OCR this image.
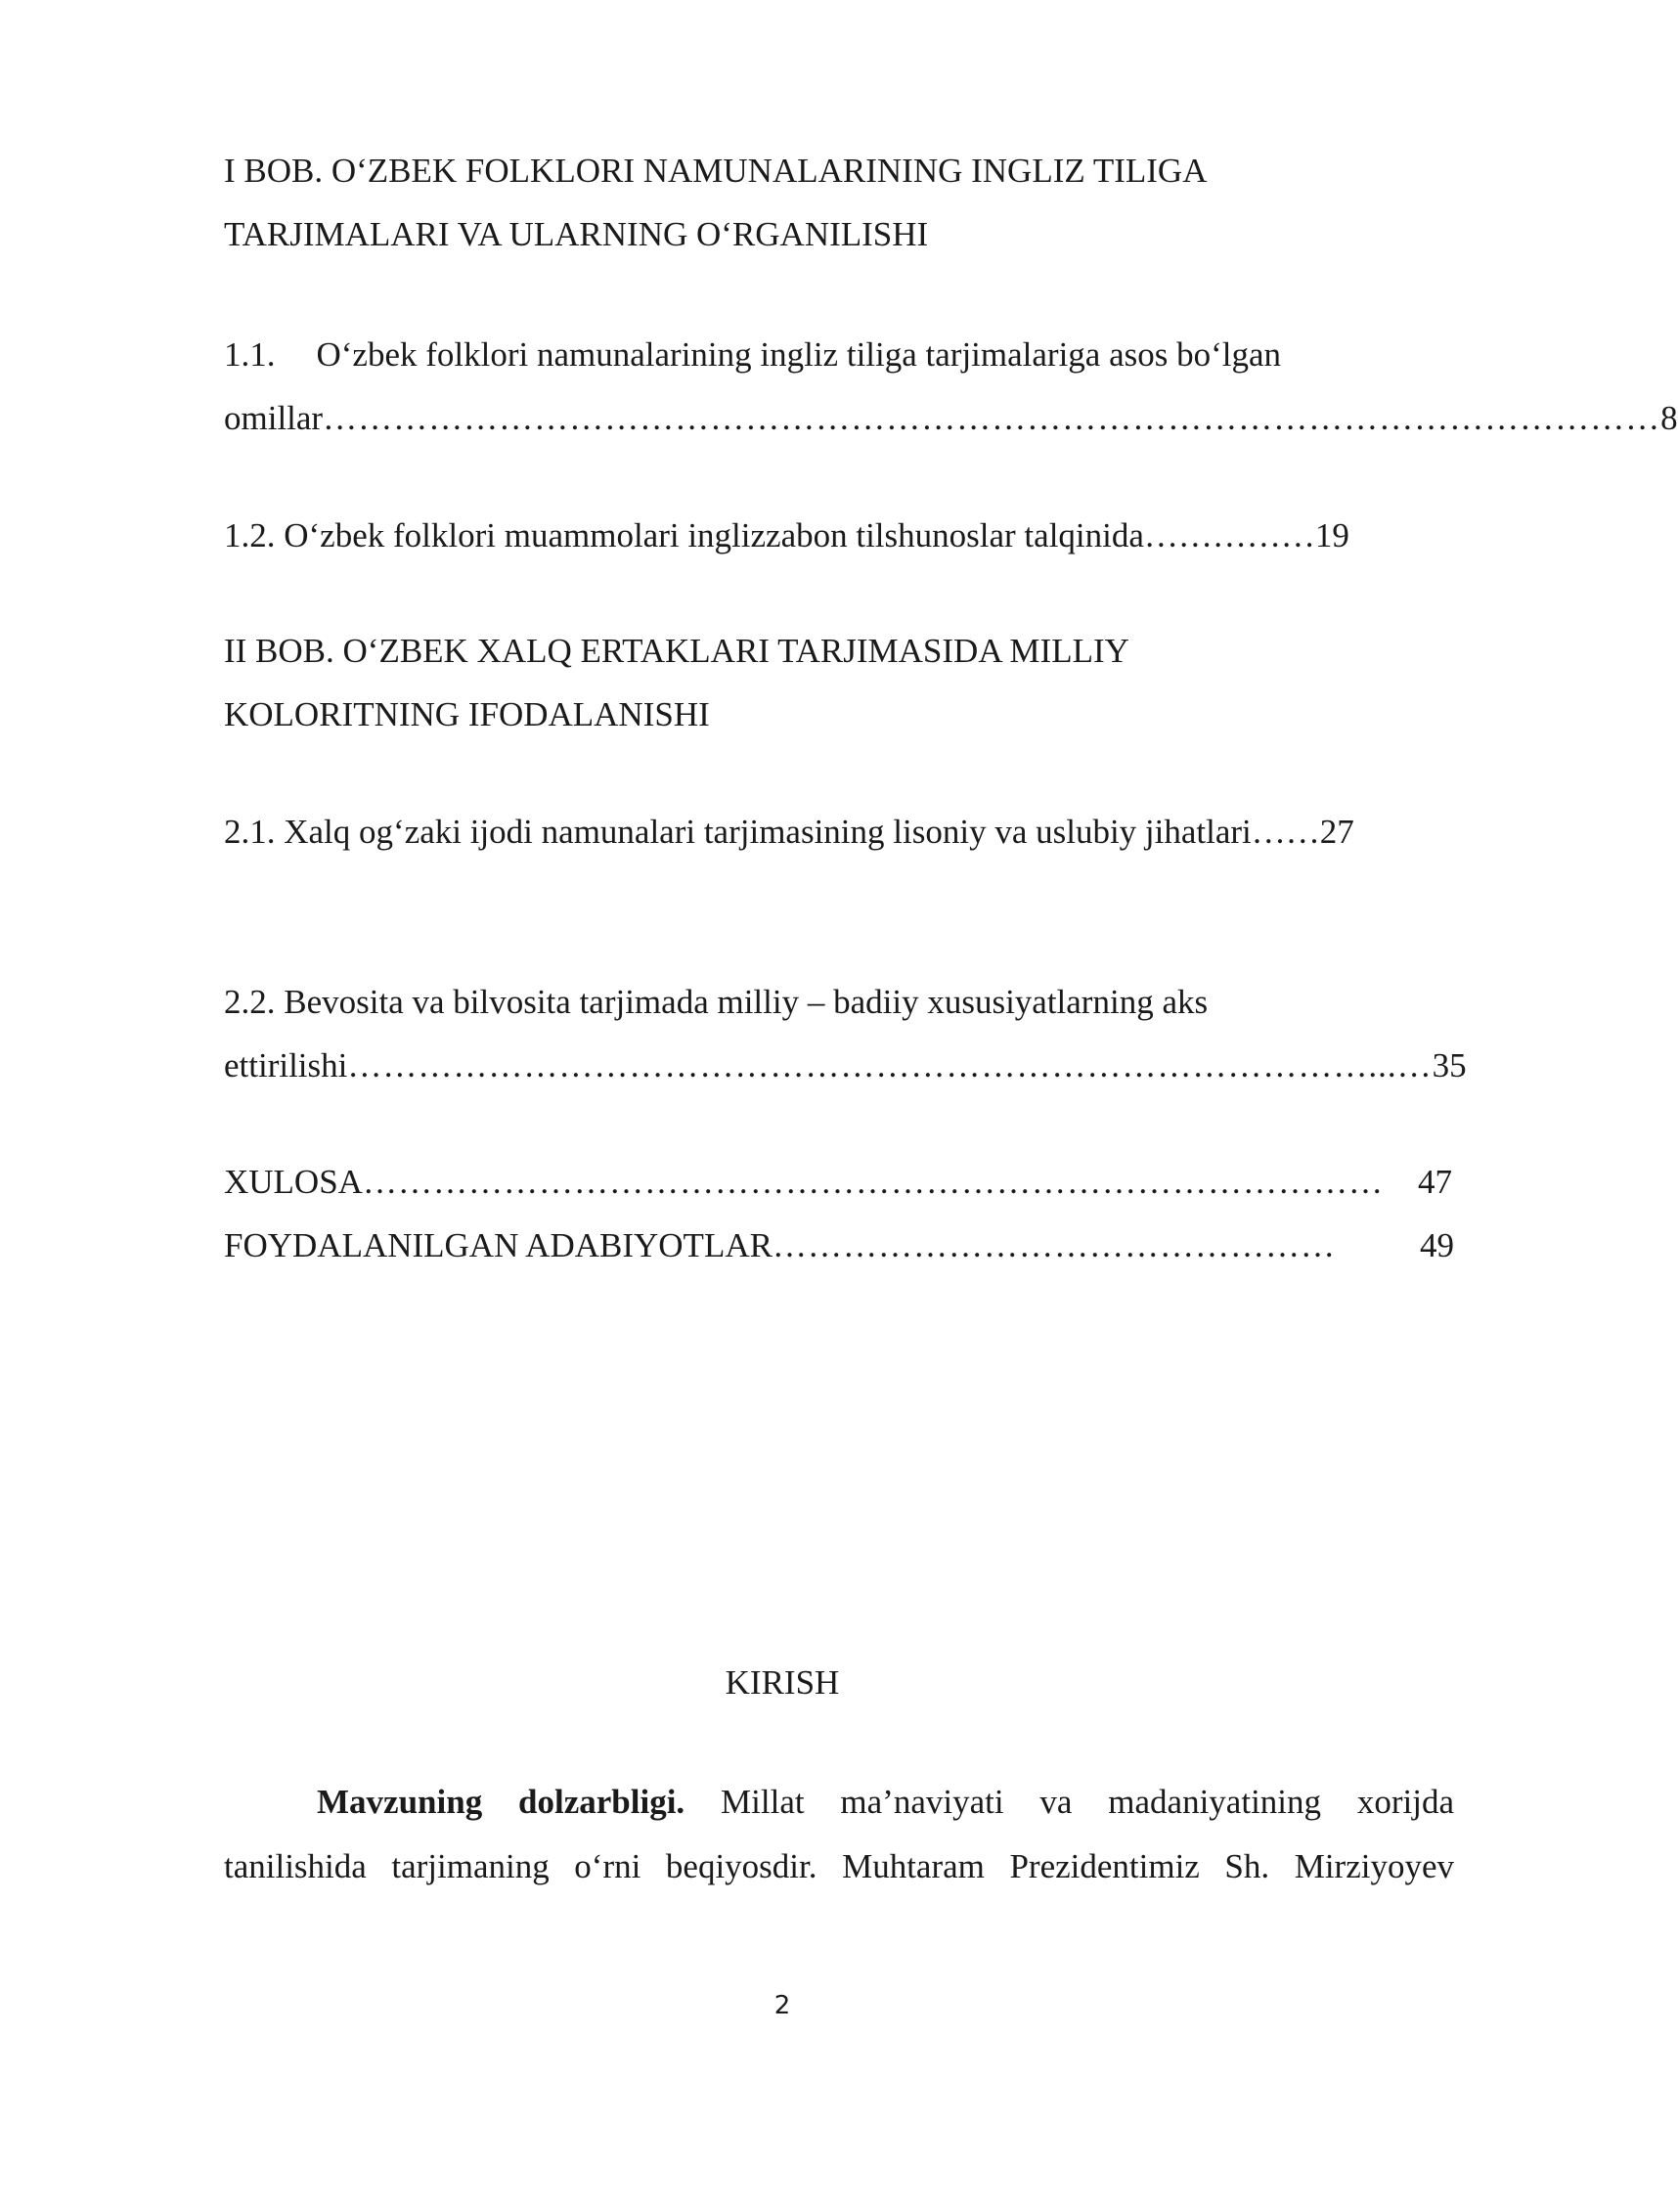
I BOB. O‘ZBEK FOLKLORI NAMUNALARINING INGLIZ TILIGA
TARJIMALARI VA ULARNING O‘RGANILISHI
1.1. O‘zbek folklori namunalarining ingliz tiliga tarjimalariga asos bo‘lgan
omillar …………………………………………………………………………………………………… 8
1.2. O‘zbek folklori muammolari inglizzabon tilshunoslar talqinida……………19
II BOB. O‘ZBEK XALQ ERTAKLARI TARJIMASIDA MILLIY
KOLORITNING IFODALANISHI
2.1. Xalq og‘zaki ijodi namunalari tarjimasining lisoniy va uslubiy jihatlari……27
2.2. Bevosita va bilvosita tarjimada milliy – badiiy xususiyatlarning aks
ettirilishi ……………………………………………………………………………...… 35
XULOSA ……………………………………………………………………………	47
FOYDALANILGAN ADABIYOTLAR …………………………………………	49
KIRISH
Mavzuning dolzarbligi. Millat ma’naviyati va madaniyatining xorijda
tanilishida tarjimaning o‘rni beqiyosdir. Muhtaram Prezidentimiz Sh. Mirziyoyev
2
